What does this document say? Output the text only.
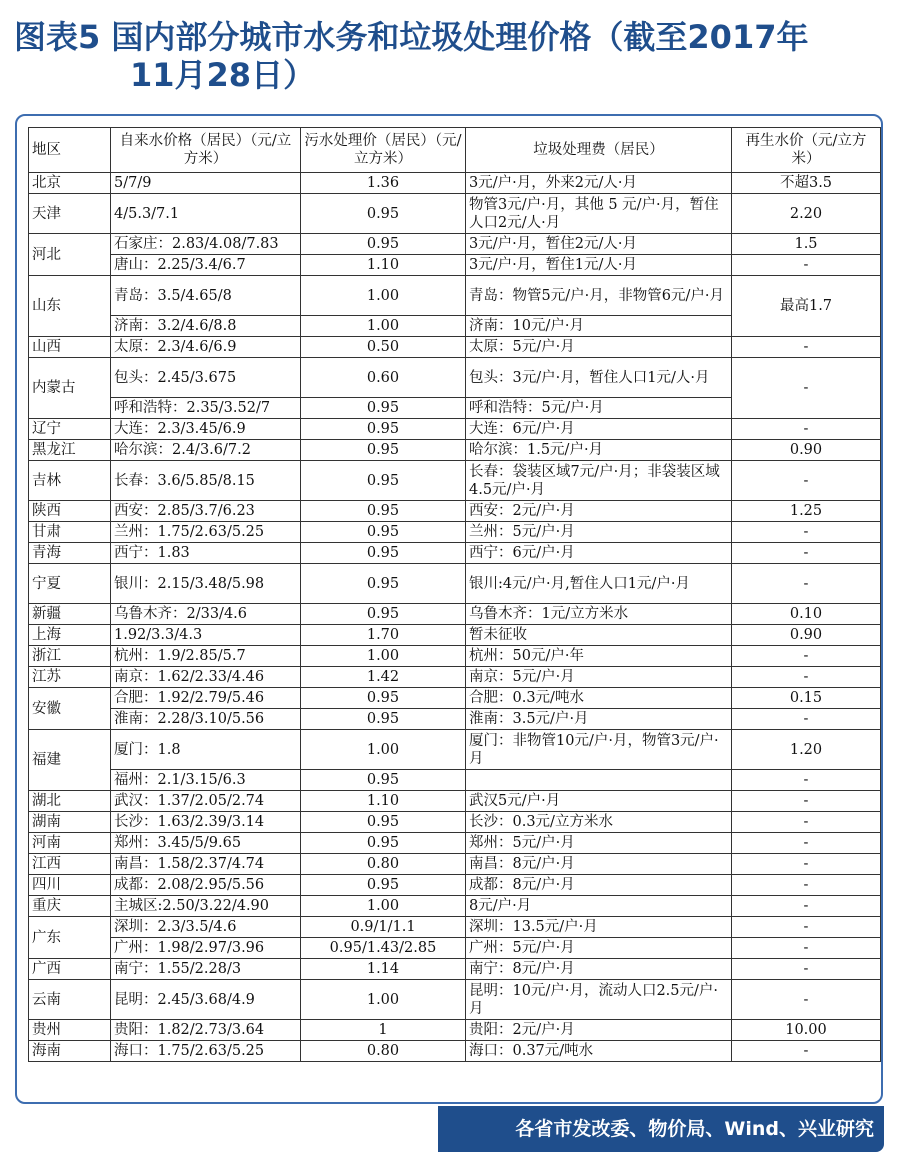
图表5 国内部分城市水务和垃圾处理价格（截至2017年
11月28日）
地区	自来水价格（居民）（元/立方米）	污水处理价（居民）（元/立方米）	垃圾处理费（居民）	再生水价（元/立方米）
北京	5/7/9	1.36	3元/户·月，外来2元/人·月	不超3.5
天津	4/5.3/7.1	0.95	物管3元/户·月，其他 5 元/户·月，暂住人口2元/人·月	2.20
河北	石家庄：2.83/4.08/7.83	0.95	3元/户·月，暂住2元/人·月	1.5
	唐山：2.25/3.4/6.7	1.10	3元/户·月，暂住1元/人·月	-
山东	青岛：3.5/4.65/8	1.00	青岛：物管5元/户·月，非物管6元/户·月	最高1.7
	济南：3.2/4.6/8.8	1.00	济南：10元/户·月	
山西	太原：2.3/4.6/6.9	0.50	太原：5元/户·月	-
内蒙古	包头：2.45/3.675	0.60	包头：3元/户·月，暂住人口1元/人·月	-
	呼和浩特：2.35/3.52/7	0.95	呼和浩特：5元/户·月	
辽宁	大连：2.3/3.45/6.9	0.95	大连：6元/户·月	-
黑龙江	哈尔滨：2.4/3.6/7.2	0.95	哈尔滨：1.5元/户·月	0.90
吉林	长春：3.6/5.85/8.15	0.95	长春：袋装区域7元/户·月；非袋装区域4.5元/户·月	-
陕西	西安：2.85/3.7/6.23	0.95	西安：2元/户·月	1.25
甘肃	兰州：1.75/2.63/5.25	0.95	兰州：5元/户·月	-
青海	西宁：1.83	0.95	西宁：6元/户·月	-
宁夏	银川：2.15/3.48/5.98	0.95	银川:4元/户·月,暂住人口1元/户·月	-
新疆	乌鲁木齐：2/33/4.6	0.95	乌鲁木齐：1元/立方米水	0.10
上海	1.92/3.3/4.3	1.70	暂未征收	0.90
浙江	杭州：1.9/2.85/5.7	1.00	杭州：50元/户·年	-
江苏	南京：1.62/2.33/4.46	1.42	南京：5元/户·月	-
安徽	合肥：1.92/2.79/5.46	0.95	合肥：0.3元/吨水	0.15
	淮南：2.28/3.10/5.56	0.95	淮南：3.5元/户·月	-
福建	厦门：1.8	1.00	厦门：非物管10元/户·月，物管3元/户·月	1.20
	福州：2.1/3.15/6.3	0.95		-
湖北	武汉：1.37/2.05/2.74	1.10	武汉5元/户·月	-
湖南	长沙：1.63/2.39/3.14	0.95	长沙：0.3元/立方米水	-
河南	郑州：3.45/5/9.65	0.95	郑州：5元/户·月	-
江西	南昌：1.58/2.37/4.74	0.80	南昌：8元/户·月	-
四川	成都：2.08/2.95/5.56	0.95	成都：8元/户·月	-
重庆	主城区:2.50/3.22/4.90	1.00	8元/户·月	-
广东	深圳：2.3/3.5/4.6	0.9/1/1.1	深圳：13.5元/户·月	-
	广州：1.98/2.97/3.96	0.95/1.43/2.85	广州：5元/户·月	-
广西	南宁：1.55/2.28/3	1.14	南宁：8元/户·月	-
云南	昆明：2.45/3.68/4.9	1.00	昆明：10元/户·月，流动人口2.5元/户·月	-
贵州	贵阳：1.82/2.73/3.64	1	贵阳：2元/户·月	10.00
海南	海口：1.75/2.63/5.25	0.80	海口：0.37元/吨水	-
各省市发改委、物价局、Wind、兴业研究
